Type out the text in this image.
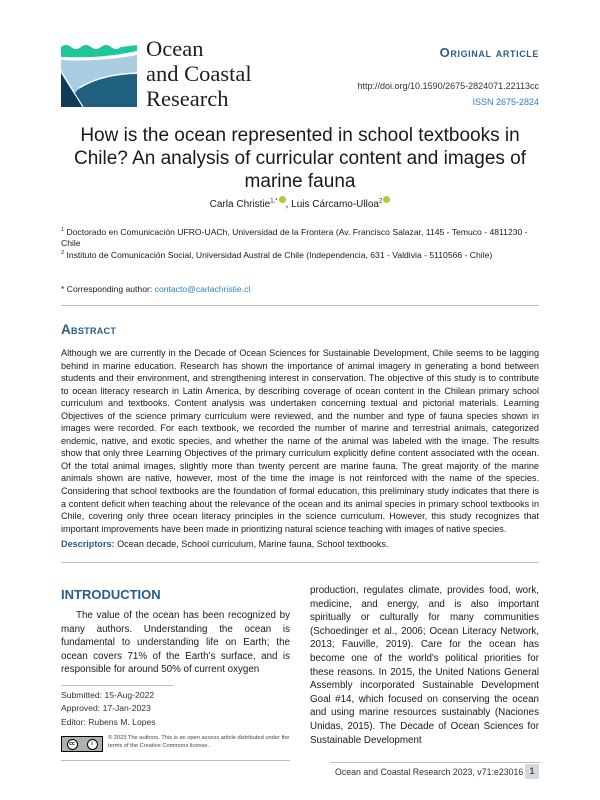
Ocean
and Coastal
Research
Original article
http://doi.org/10.1590/2675-2824071.22113cc
ISSN 2675-2824
How is the ocean represented in school textbooks in Chile? An analysis of curricular content and images of marine fauna
Carla Christie$^{1,*}$ , Luis Cárcamo-Ulloa$^2$
$^1$ Doctorado en Comunicación UFRO-UACh, Universidad de la Frontera (Av. Francisco Salazar, 1145 - Temuco - 4811230 - Chile
$^2$ Instituto de Comunicación Social, Universidad Austral de Chile (Independencia, 631 - Valdivia - 5110566 - Chile)
* Corresponding author: contacto@carlachristie.cl
Abstract
Although we are currently in the Decade of Ocean Sciences for Sustainable Development, Chile seems to be lagging behind in marine education. Research has shown the importance of animal imagery in generating a bond between students and their environment, and strengthening interest in conservation. The objective of this study is to contribute to ocean literacy research in Latin America, by describing coverage of ocean content in the Chilean primary school curriculum and textbooks. Content analysis was undertaken concerning textual and pictorial materials. Learning Objectives of the science primary curriculum were reviewed, and the number and type of fauna species shown in images were recorded. For each textbook, we recorded the number of marine and terrestrial animals, categorized endemic, native, and exotic species, and whether the name of the animal was labeled with the image. The results show that only three Learning Objectives of the primary curriculum explicitly define content associated with the ocean. Of the total animal images, slightly more than twenty percent are marine fauna. The great majority of the marine animals shown are native, however, most of the time the image is not reinforced with the name of the species. Considering that school textbooks are the foundation of formal education, this preliminary study indicates that there is a content deficit when teaching about the relevance of the ocean and its animal species in primary school textbooks in Chile, covering only three ocean literacy principles in the science curriculum. However, this study recognizes that important improvements have been made in prioritizing natural science teaching with images of native species.
Descriptors: Ocean decade, School curriculum, Marine fauna, School textbooks.
INTRODUCTION
The value of the ocean has been recognized by many authors. Understanding the ocean is fundamental to understanding life on Earth; the ocean covers 71% of the Earth's surface, and is responsible for around 50% of current oxygen
production, regulates climate, provides food, work, medicine, and energy, and is also important spiritually or culturally for many communities (Schoedinger et al., 2006; Ocean Literacy Network, 2013; Fauville, 2019). Care for the ocean has become one of the world's political priorities for these reasons. In 2015, the United Nations General Assembly incorporated Sustainable Development Goal #14, which focused on conserving the ocean and using marine resources sustainably (Naciones Unidas, 2015). The Decade of Ocean Sciences for Sustainable Development
Submitted: 15-Aug-2022
Approved: 17-Jan-2023
Editor: Rubens M. Lopes
cc	i
© 2023 The authors. This is an open access article distributed under the terms of the Creative Commons license.
Ocean and Coastal Research 2023, v71:e23016 1
